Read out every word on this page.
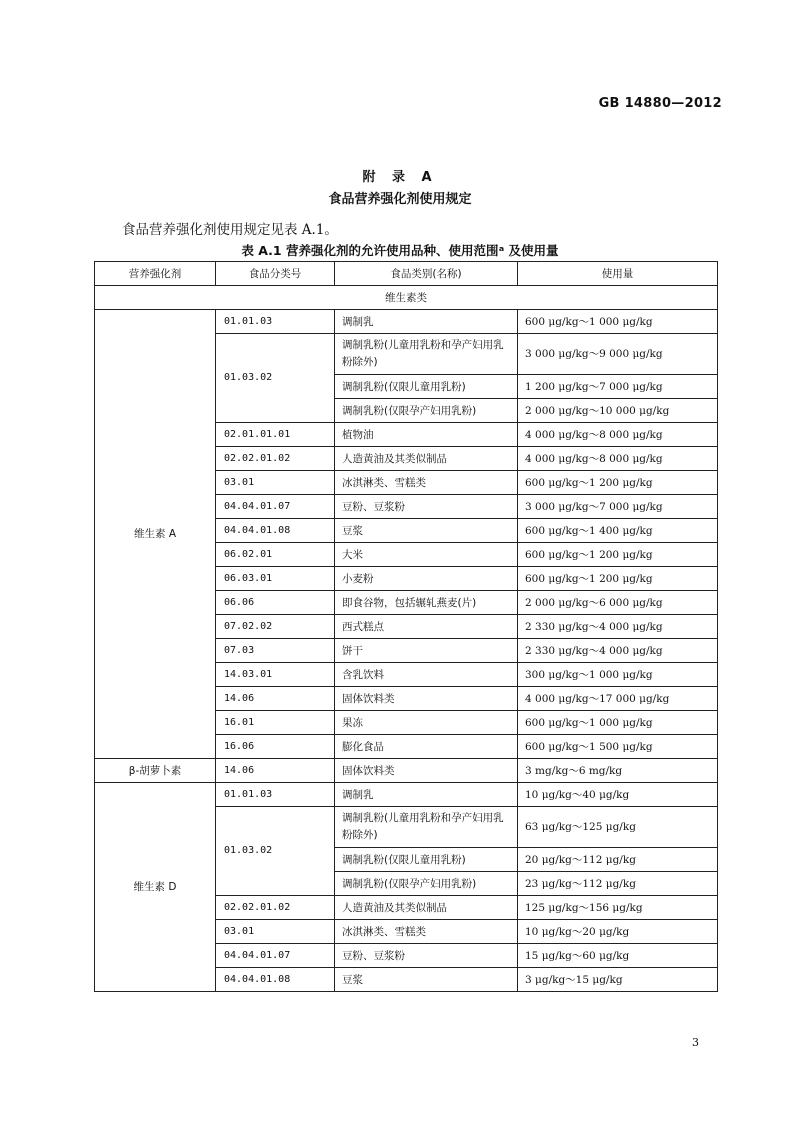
GB 14880—2012
附 录 A
食品营养强化剂使用规定
食品营养强化剂使用规定见表 A.1。
表 A.1 营养强化剂的允许使用品种、使用范围ᵃ 及使用量
营养强化剂	食品分类号	食品类别(名称)	使用量
维生素类			
维生素 A	01.01.03	调制乳	600 μg/kg～1 000 μg/kg
	01.03.02	调制乳粉(儿童用乳粉和孕产妇用乳粉除外)	3 000 μg/kg～9 000 μg/kg
		调制乳粉(仅限儿童用乳粉)	1 200 μg/kg～7 000 μg/kg
		调制乳粉(仅限孕产妇用乳粉)	2 000 μg/kg～10 000 μg/kg
	02.01.01.01	植物油	4 000 μg/kg～8 000 μg/kg
	02.02.01.02	人造黄油及其类似制品	4 000 μg/kg～8 000 μg/kg
	03.01	冰淇淋类、雪糕类	600 μg/kg～1 200 μg/kg
	04.04.01.07	豆粉、豆浆粉	3 000 μg/kg～7 000 μg/kg
	04.04.01.08	豆浆	600 μg/kg～1 400 μg/kg
	06.02.01	大米	600 μg/kg～1 200 μg/kg
	06.03.01	小麦粉	600 μg/kg～1 200 μg/kg
	06.06	即食谷物，包括辗轧燕麦(片)	2 000 μg/kg～6 000 μg/kg
	07.02.02	西式糕点	2 330 μg/kg～4 000 μg/kg
	07.03	饼干	2 330 μg/kg～4 000 μg/kg
	14.03.01	含乳饮料	300 μg/kg～1 000 μg/kg
	14.06	固体饮料类	4 000 μg/kg～17 000 μg/kg
	16.01	果冻	600 μg/kg～1 000 μg/kg
	16.06	膨化食品	600 μg/kg～1 500 μg/kg
β-胡萝卜素	14.06	固体饮料类	3 mg/kg～6 mg/kg
维生素 D	01.01.03	调制乳	10 μg/kg～40 μg/kg
	01.03.02	调制乳粉(儿童用乳粉和孕产妇用乳粉除外)	63 μg/kg～125 μg/kg
		调制乳粉(仅限儿童用乳粉)	20 μg/kg～112 μg/kg
		调制乳粉(仅限孕产妇用乳粉)	23 μg/kg～112 μg/kg
	02.02.01.02	人造黄油及其类似制品	125 μg/kg～156 μg/kg
	03.01	冰淇淋类、雪糕类	10 μg/kg～20 μg/kg
	04.04.01.07	豆粉、豆浆粉	15 μg/kg～60 μg/kg
	04.04.01.08	豆浆	3 μg/kg～15 μg/kg
3
